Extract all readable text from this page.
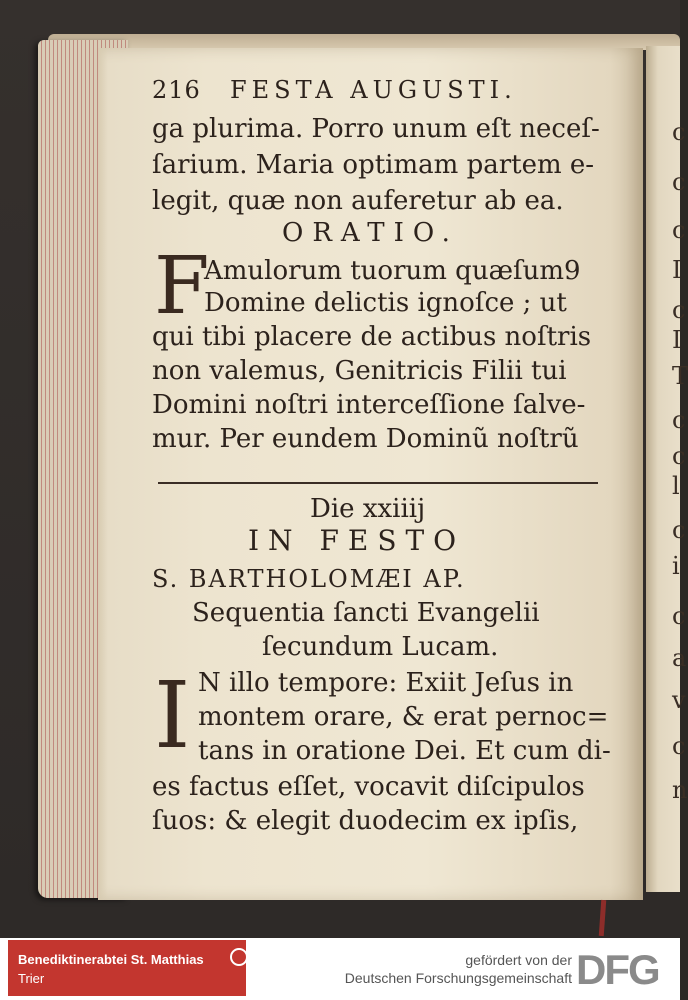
c
c
c
I
c
I
T
c
c
l
c
i
c
a
v
c
n
216 FESTA AUGUSTI.
ga plurima. Porro unum eſt neceſ-
ſarium. Maria optimam partem e-
legit, quæ non auferetur ab ea.
ORATIO.
F
Amulorum tuorum quæſum9
Domine delictis ignoſce ; ut
qui tibi placere de actibus noſtris
non valemus, Genitricis Filii tui
Domini noſtri interceſſione ſalve-
mur. Per eundem Dominũ noſtrũ
Die xxiiij
IN FESTO
S. BARTHOLOMÆI AP.
Sequentia ſancti Evangelii
ſecundum Lucam.
I N illo tempore: Exiit Jeſus in
montem orare, & erat pernoc=
tans in oratione Dei. Et cum di-
es factus eſſet, vocavit diſcipulos
ſuos: & elegit duodecim ex ipſis,
Benediktinerabtei St. Matthias
Trier
gefördert von der
Deutschen Forschungsgemeinschaft DFG
